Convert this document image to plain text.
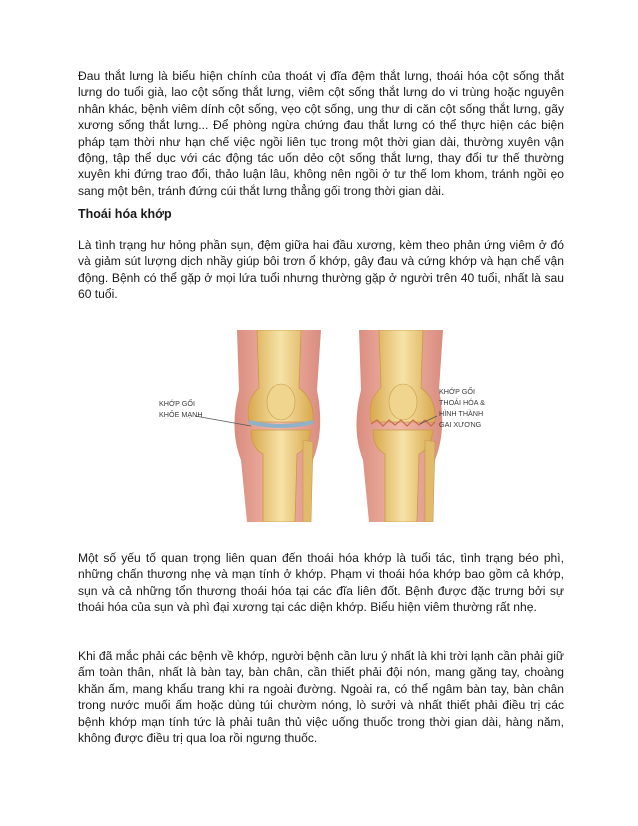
Đau thắt lưng là biểu hiện chính của thoát vị đĩa đệm thắt lưng, thoái hóa cột sống thắt lưng do tuổi già, lao cột sống thắt lưng, viêm cột sống thắt lưng do vi trùng hoặc nguyên nhân khác, bệnh viêm dính cột sống, vẹo cột sống, ung thư di căn cột sống thắt lưng, gãy xương sống thắt lưng... Để phòng ngừa chứng đau thắt lưng có thể thực hiện các biện pháp tạm thời như hạn chế việc ngồi liên tục trong một thời gian dài, thường xuyên vận động, tập thể dục với các động tác uốn dẻo cột sống thắt lưng, thay đổi tư thế thường xuyên khi đứng trao đổi, thảo luận lâu, không nên ngồi ở tư thế lom khom, tránh ngồi ẹo sang một bên, tránh đứng cúi thắt lưng thẳng gối trong thời gian dài.

Thoái hóa khớp

Là tình trạng hư hỏng phần sụn, đệm giữa hai đầu xương, kèm theo phản ứng viêm ở đó và giảm sút lượng dịch nhầy giúp bôi trơn ổ khớp, gây đau và cứng khớp và hạn chế vận động. Bệnh có thể gặp ở mọi lứa tuổi nhưng thường gặp ở người trên 40 tuổi, nhất là sau 60 tuổi.

KHỚP GỐI
KHỎE MẠNH
KHỚP GỐI
THOÁI HÓA &
HÌNH THÀNH
GAI XƯƠNG

Một số yếu tố quan trọng liên quan đến thoái hóa khớp là tuổi tác, tình trạng béo phì, những chấn thương nhẹ và mạn tính ở khớp. Phạm vi thoái hóa khớp bao gồm cả khớp, sụn và cả những tổn thương thoái hóa tại các đĩa liên đốt. Bệnh được đặc trưng bởi sự thoái hóa của sụn và phì đại xương tại các diện khớp. Biểu hiện viêm thường rất nhẹ.

Khi đã mắc phải các bệnh về khớp, người bệnh cần lưu ý nhất là khi trời lạnh cần phải giữ ấm toàn thân, nhất là bàn tay, bàn chân, cần thiết phải đội nón, mang găng tay, choàng khăn ấm, mang khẩu trang khi ra ngoài đường. Ngoài ra, có thể ngâm bàn tay, bàn chân trong nước muối ấm hoặc dùng túi chườm nóng, lò sưởi và nhất thiết phải điều trị các bệnh khớp mạn tính tức là phải tuân thủ việc uống thuốc trong thời gian dài, hàng năm, không được điều trị qua loa rồi ngưng thuốc.
